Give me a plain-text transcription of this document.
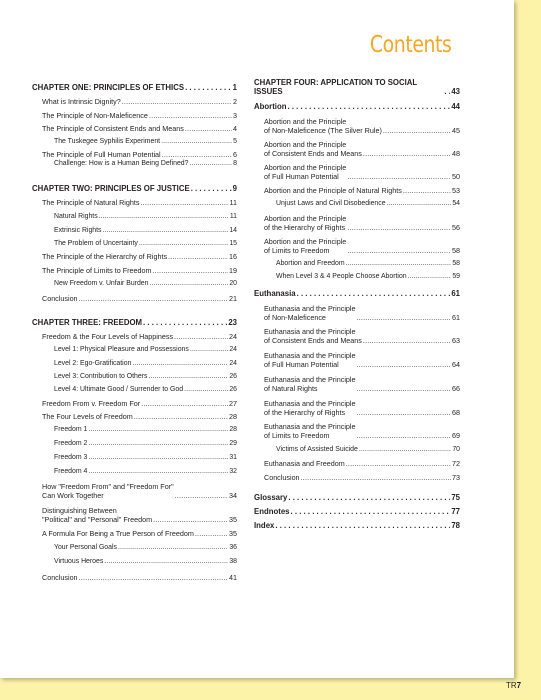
Contents
CHAPTER ONE: PRINCIPLES OF ETHICS . . .	1
What is Intrinsic Dignity? . . .	2
The Principle of Non-Maleficence . . .	3
The Principle of Consistent Ends and Means . . .	4
The Tuskegee Syphilis Experiment . . .	5
The Principle of Full Human Potential . . .	6
Challenge: How is a Human Being Defined? . . .	8
CHAPTER TWO: PRINCIPLES OF JUSTICE . . .	9
The Principle of Natural Rights . . .	11
Natural Rights . . .	11
Extrinsic Rights . . .	14
The Problem of Uncertainty . . .	15
The Principle of the Hierarchy of Rights . . .	16
The Principle of Limits to Freedom . . .	19
New Freedom v. Unfair Burden . . .	20
Conclusion . . .	21
CHAPTER THREE: FREEDOM . . .	23
Freedom & the Four Levels of Happiness . . .	24
Level 1: Physical Pleasure and Possessions . . .	24
Level 2: Ego-Gratification . . .	24
Level 3: Contribution to Others . . .	26
Level 4: Ultimate Good / Surrender to God . . .	26
Freedom From v. Freedom For . . .	27
The Four Levels of Freedom . . .	28
Freedom 1 . . .	28
Freedom 2 . . .	29
Freedom 3 . . .	31
Freedom 4 . . .	32
How "Freedom From" and "Freedom For"
Can Work Together . . .	34
Distinguishing Between
"Political" and "Personal" Freedom . . .	35
A Formula For Being a True Person of Freedom . . .	35
Your Personal Goals . . .	36
Virtuous Heroes . . .	38
Conclusion . . .	41
CHAPTER FOUR: APPLICATION TO SOCIAL ISSUES . . .	43
Abortion . . .	44
Abortion and the Principle
of Non-Maleficence (The Silver Rule) . . .	45
Abortion and the Principle
of Consistent Ends and Means . . .	48
Abortion and the Principle
of Full Human Potential . . .	50
Abortion and the Principle of Natural Rights . . .	53
Unjust Laws and Civil Disobedience . . .	54
Abortion and the Principle
of the Hierarchy of Rights . . .	56
Abortion and the Principle
of Limits to Freedom . . .	58
Abortion and Freedom . . .	58
When Level 3 & 4 People Choose Abortion . . .	59
Euthanasia . . .	61
Euthanasia and the Principle
of Non-Maleficence . . .	61
Euthanasia and the Principle
of Consistent Ends and Means . . .	63
Euthanasia and the Principle
of Full Human Potential . . .	64
Euthanasia and the Principle
of Natural Rights . . .	66
Euthanasia and the Principle
of the Hierarchy of Rights . . .	68
Euthanasia and the Principle
of Limits to Freedom . . .	69
Victims of Assisted Suicide . . .	70
Euthanasia and Freedom . . .	72
Conclusion . . .	73
Glossary . . .	75
Endnotes . . .	77
Index . . .	78
TR7
